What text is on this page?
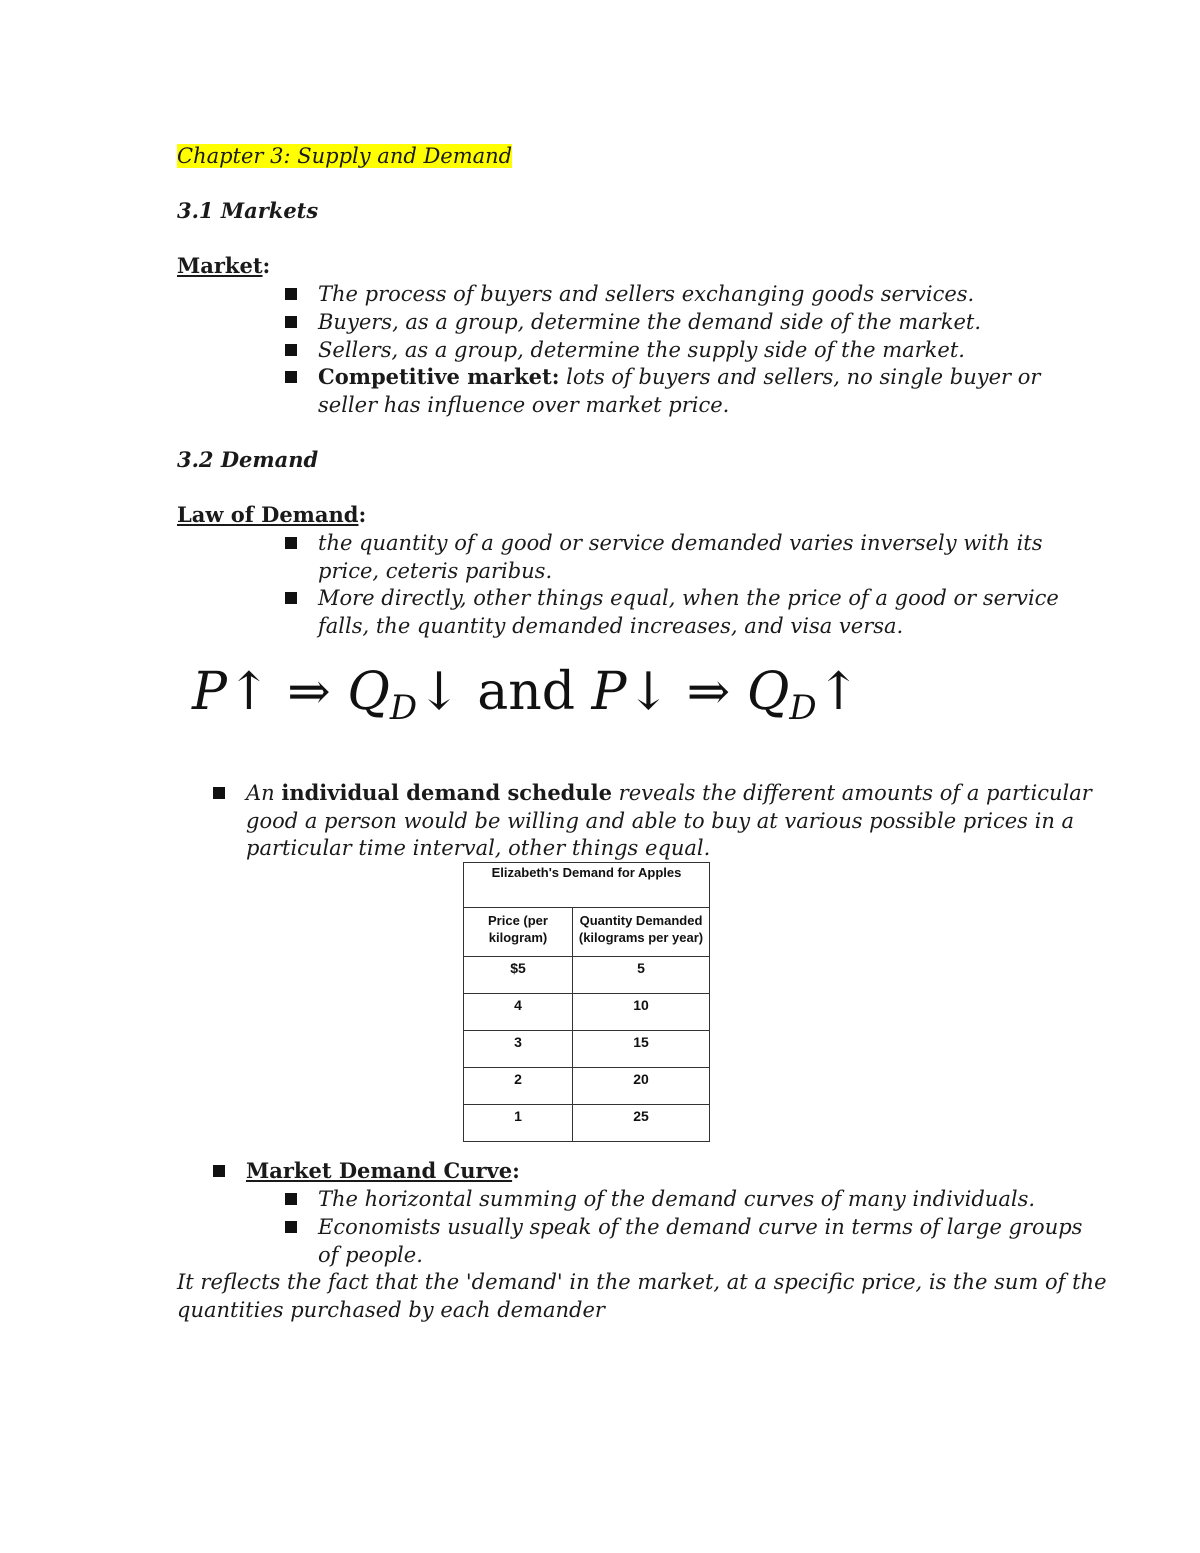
Chapter 3: Supply and Demand
3.1 Markets
Market:
The process of buyers and sellers exchanging goods services.
Buyers, as a group, determine the demand side of the market.
Sellers, as a group, determine the supply side of the market.
Competitive market: lots of buyers and sellers, no single buyer or
seller has influence over market price.
3.2 Demand
Law of Demand:
the quantity of a good or service demanded varies inversely with its
price, ceteris paribus.
More directly, other things equal, when the price of a good or service
falls, the quantity demanded increases, and visa versa.
P↑ ⇒ $Q_D↓$ and P↓ ⇒ $Q_D↑$
An individual demand schedule reveals the different amounts of a particular
good a person would be willing and able to buy at various possible prices in a
particular time interval, other things equal.
Elizabeth's Demand for Apples	
Price (per kilogram)	Quantity Demanded
(kilograms per year)
$5	5
4	10
3	15
2	20
1	25
Market Demand Curve:
The horizontal summing of the demand curves of many individuals.
Economists usually speak of the demand curve in terms of large groups
of people.
It reflects the fact that the 'demand' in the market, at a specific price, is the sum of the
quantities purchased by each demander
